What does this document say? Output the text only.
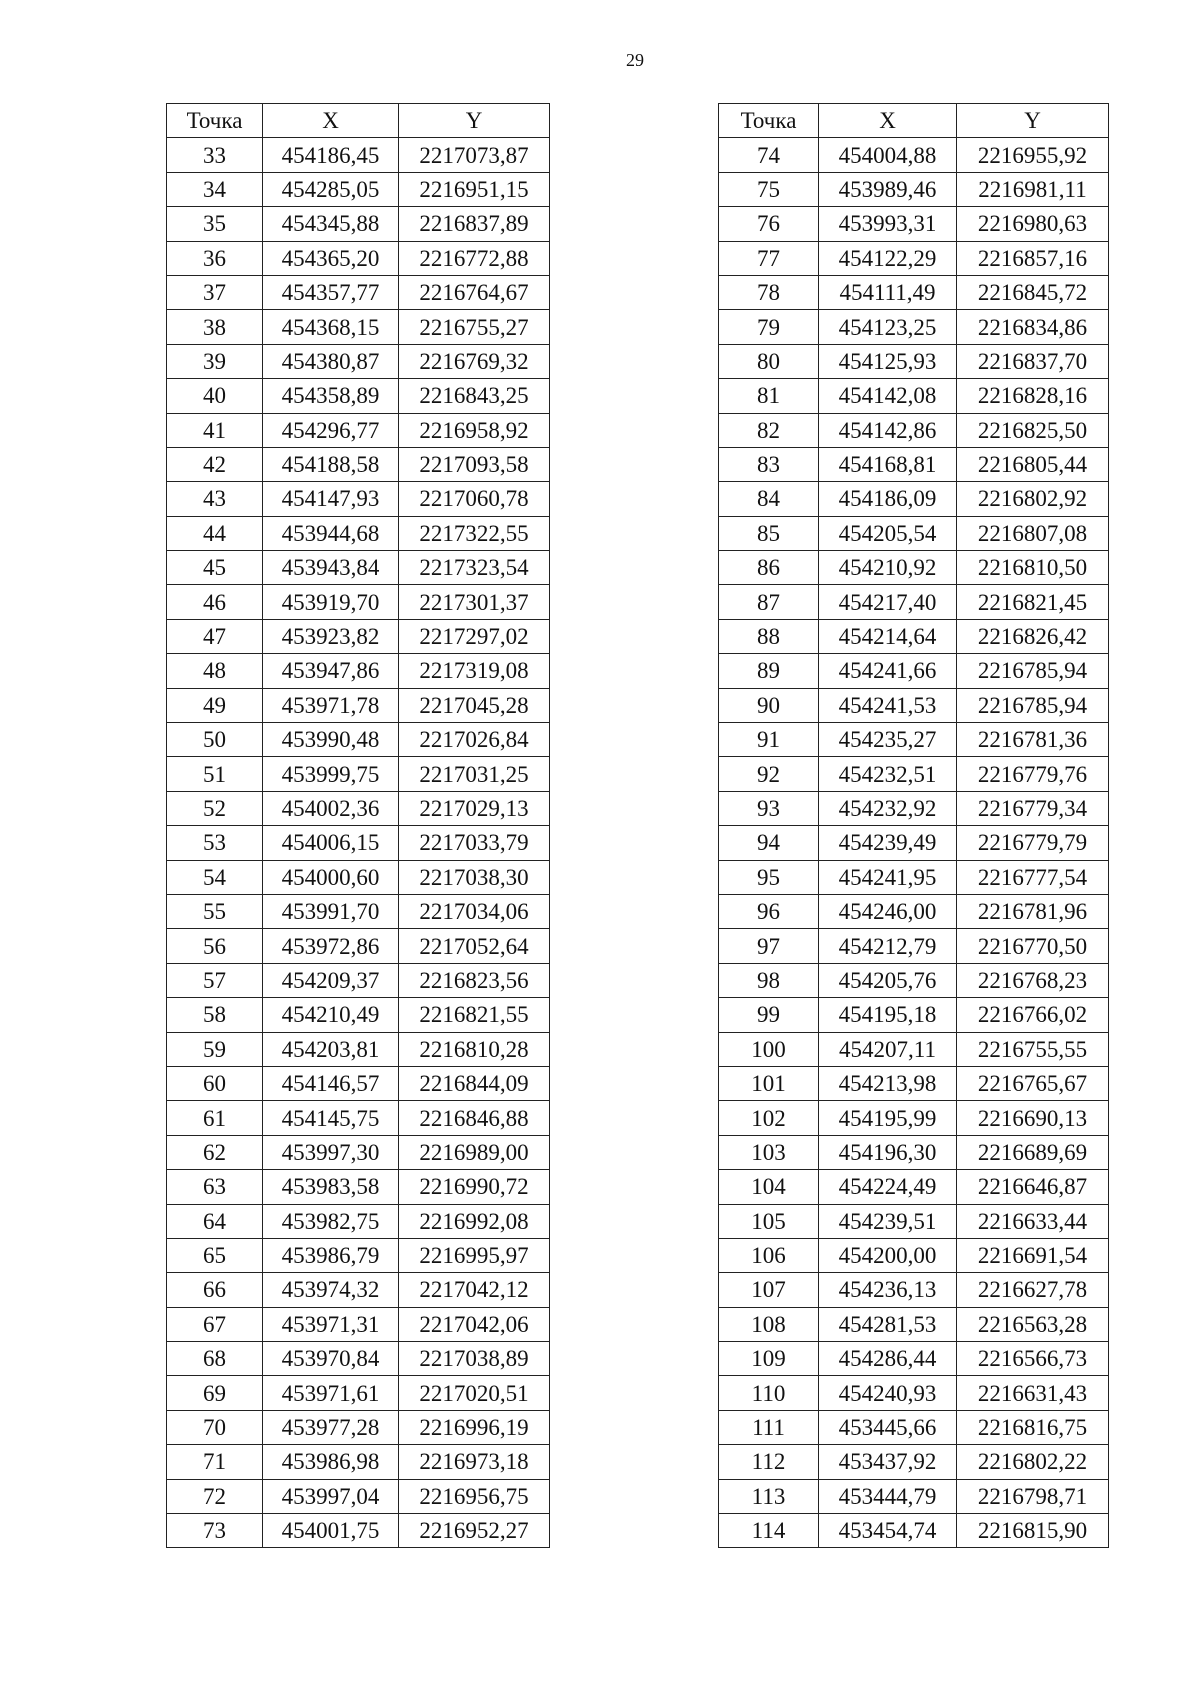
29
Точка	X	Y
33	454186,45	2217073,87
34	454285,05	2216951,15
35	454345,88	2216837,89
36	454365,20	2216772,88
37	454357,77	2216764,67
38	454368,15	2216755,27
39	454380,87	2216769,32
40	454358,89	2216843,25
41	454296,77	2216958,92
42	454188,58	2217093,58
43	454147,93	2217060,78
44	453944,68	2217322,55
45	453943,84	2217323,54
46	453919,70	2217301,37
47	453923,82	2217297,02
48	453947,86	2217319,08
49	453971,78	2217045,28
50	453990,48	2217026,84
51	453999,75	2217031,25
52	454002,36	2217029,13
53	454006,15	2217033,79
54	454000,60	2217038,30
55	453991,70	2217034,06
56	453972,86	2217052,64
57	454209,37	2216823,56
58	454210,49	2216821,55
59	454203,81	2216810,28
60	454146,57	2216844,09
61	454145,75	2216846,88
62	453997,30	2216989,00
63	453983,58	2216990,72
64	453982,75	2216992,08
65	453986,79	2216995,97
66	453974,32	2217042,12
67	453971,31	2217042,06
68	453970,84	2217038,89
69	453971,61	2217020,51
70	453977,28	2216996,19
71	453986,98	2216973,18
72	453997,04	2216956,75
73	454001,75	2216952,27
Точка	X	Y
74	454004,88	2216955,92
75	453989,46	2216981,11
76	453993,31	2216980,63
77	454122,29	2216857,16
78	454111,49	2216845,72
79	454123,25	2216834,86
80	454125,93	2216837,70
81	454142,08	2216828,16
82	454142,86	2216825,50
83	454168,81	2216805,44
84	454186,09	2216802,92
85	454205,54	2216807,08
86	454210,92	2216810,50
87	454217,40	2216821,45
88	454214,64	2216826,42
89	454241,66	2216785,94
90	454241,53	2216785,94
91	454235,27	2216781,36
92	454232,51	2216779,76
93	454232,92	2216779,34
94	454239,49	2216779,79
95	454241,95	2216777,54
96	454246,00	2216781,96
97	454212,79	2216770,50
98	454205,76	2216768,23
99	454195,18	2216766,02
100	454207,11	2216755,55
101	454213,98	2216765,67
102	454195,99	2216690,13
103	454196,30	2216689,69
104	454224,49	2216646,87
105	454239,51	2216633,44
106	454200,00	2216691,54
107	454236,13	2216627,78
108	454281,53	2216563,28
109	454286,44	2216566,73
110	454240,93	2216631,43
111	453445,66	2216816,75
112	453437,92	2216802,22
113	453444,79	2216798,71
114	453454,74	2216815,90
